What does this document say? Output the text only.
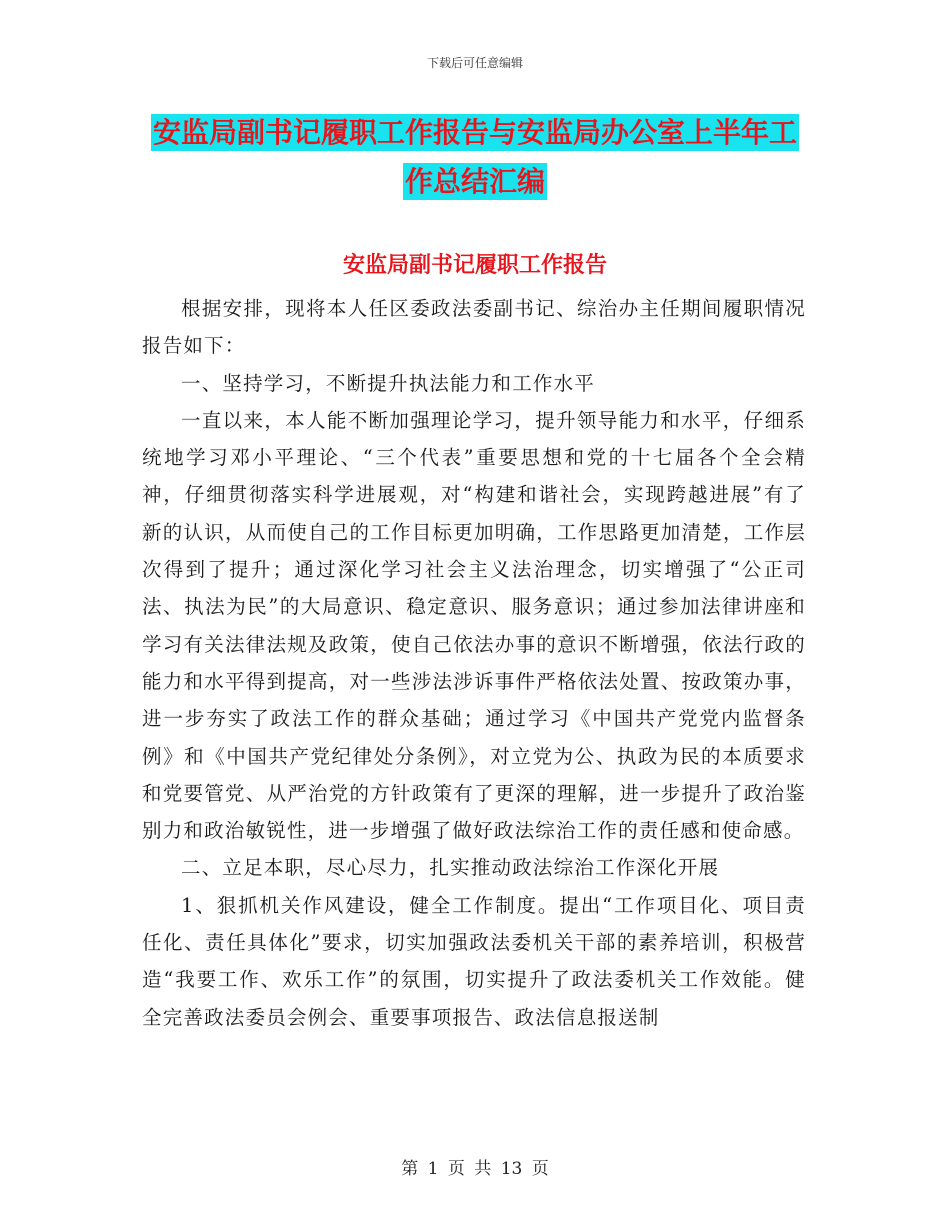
下载后可任意编辑
安监局副书记履职工作报告与安监局办公室上半年工
作总结汇编
安监局副书记履职工作报告

根据安排，现将本人任区委政法委副书记、综治办主任期间履职情况报告如下：

一、坚持学习，不断提升执法能力和工作水平

一直以来，本人能不断加强理论学习，提升领导能力和水平，仔细系统地学习邓小平理论、“三个代表”重要思想和党的十七届各个全会精神，仔细贯彻落实科学进展观，对“构建和谐社会，实现跨越进展”有了新的认识，从而使自己的工作目标更加明确，工作思路更加清楚，工作层次得到了提升；通过深化学习社会主义法治理念，切实增强了“公正司法、执法为民”的大局意识、稳定意识、服务意识；通过参加法律讲座和学习有关法律法规及政策，使自己依法办事的意识不断增强，依法行政的能力和水平得到提高，对一些涉法涉诉事件严格依法处置、按政策办事，进一步夯实了政法工作的群众基础；通过学习《中国共产党党内监督条例》和《中国共产党纪律处分条例》，对立党为公、执政为民的本质要求和党要管党、从严治党的方针政策有了更深的理解，进一步提升了政治鉴别力和政治敏锐性，进一步增强了做好政法综治工作的责任感和使命感。

二、立足本职，尽心尽力，扎实推动政法综治工作深化开展

1、狠抓机关作风建设，健全工作制度。提出“工作项目化、项目责任化、责任具体化”要求，切实加强政法委机关干部的素养培训，积极营造“我要工作、欢乐工作”的氛围，切实提升了政法委机关工作效能。健全完善政法委员会例会、重要事项报告、政法信息报送制

第 1 页 共 13 页
